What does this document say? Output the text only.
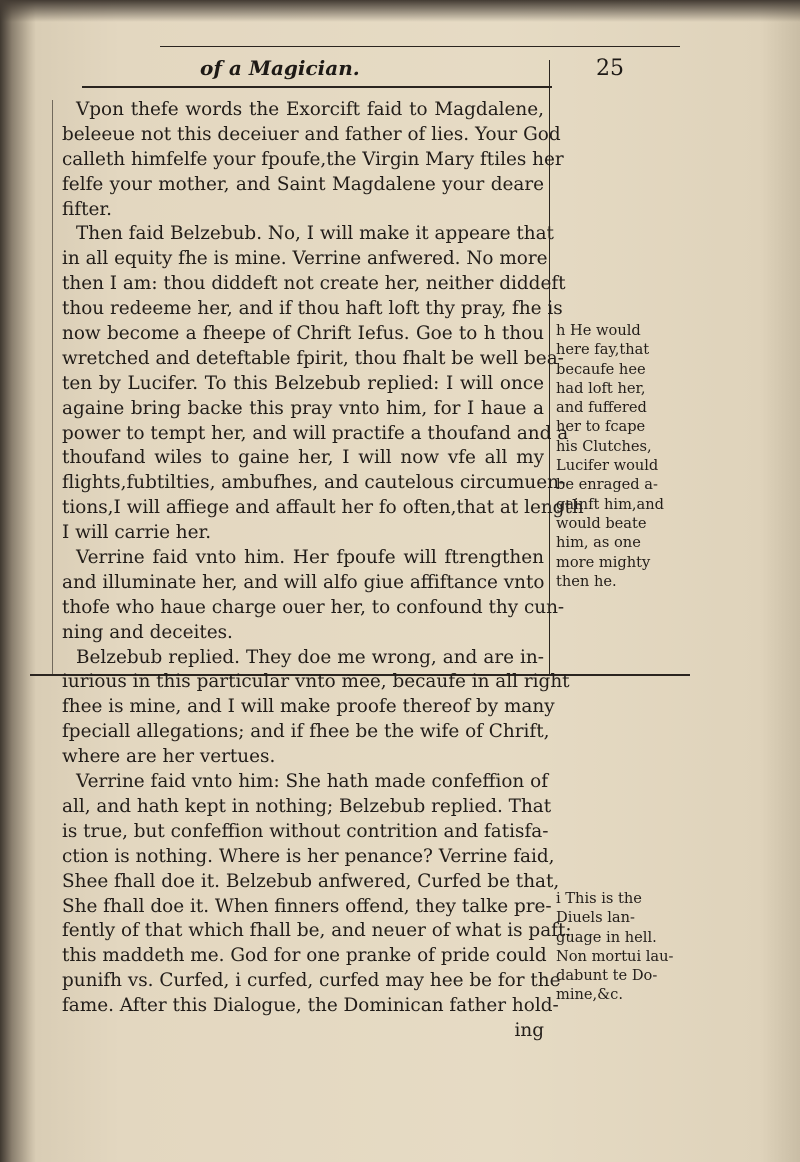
of a Magician.	25
Vpon thefe words the Exorcift faid to Magdalene,
beleeue not this deceiuer and father of lies. Your God
calleth himfelfe your fpoufe,the Virgin Mary ftiles her
felfe your mother, and Saint Magdalene your deare
fifter.
Then faid Belzebub. No, I will make it appeare that
in all equity fhe is mine. Verrine anfwered. No more
then I am: thou diddeft not create her, neither diddeft
thou redeeme her, and if thou haft loft thy pray, fhe is
now become a fheepe of Chrift Iefus. Goe to h thou
wretched and deteftable fpirit, thou fhalt be well bea-
ten by Lucifer. To this Belzebub replied: I will once
againe bring backe this pray vnto him, for I haue a
power to tempt her, and will practife a thoufand and a
thoufand wiles to gaine her, I will now vfe all my
flights,fubtilties, ambufhes, and cautelous circumuen-
tions,I will affiege and affault her fo often,that at length
I will carrie her.
Verrine faid vnto him. Her fpoufe will ftrengthen
and illuminate her, and will alfo giue affiftance vnto
thofe who haue charge ouer her, to confound thy cun-
ning and deceites.
Belzebub replied. They doe me wrong, and are in-
iurious in this particular vnto mee, becaufe in all right
fhee is mine, and I will make proofe thereof by many
fpeciall allegations; and if fhee be the wife of Chrift,
where are her vertues.
Verrine faid vnto him: She hath made confeffion of
all, and hath kept in nothing; Belzebub replied. That
is true, but confeffion without contrition and fatisfa-
ction is nothing. Where is her penance? Verrine faid,
Shee fhall doe it. Belzebub anfwered, Curfed be that,
She fhall doe it. When finners offend, they talke pre-
fently of that which fhall be, and neuer of what is paft:
this maddeth me. God for one pranke of pride could
punifh vs. Curfed, i curfed, curfed may hee be for the
fame. After this Dialogue, the Dominican father hold-
ing
h He would
here fay,that
becaufe hee
had loft her,
and fuffered
her to fcape
his Clutches,
Lucifer would
be enraged a-
gainft him,and
would beate
him, as one
more mighty
then he.
i This is the
Diuels lan-
guage in hell.
Non mortui lau-
dabunt te Do-
mine,&c.
